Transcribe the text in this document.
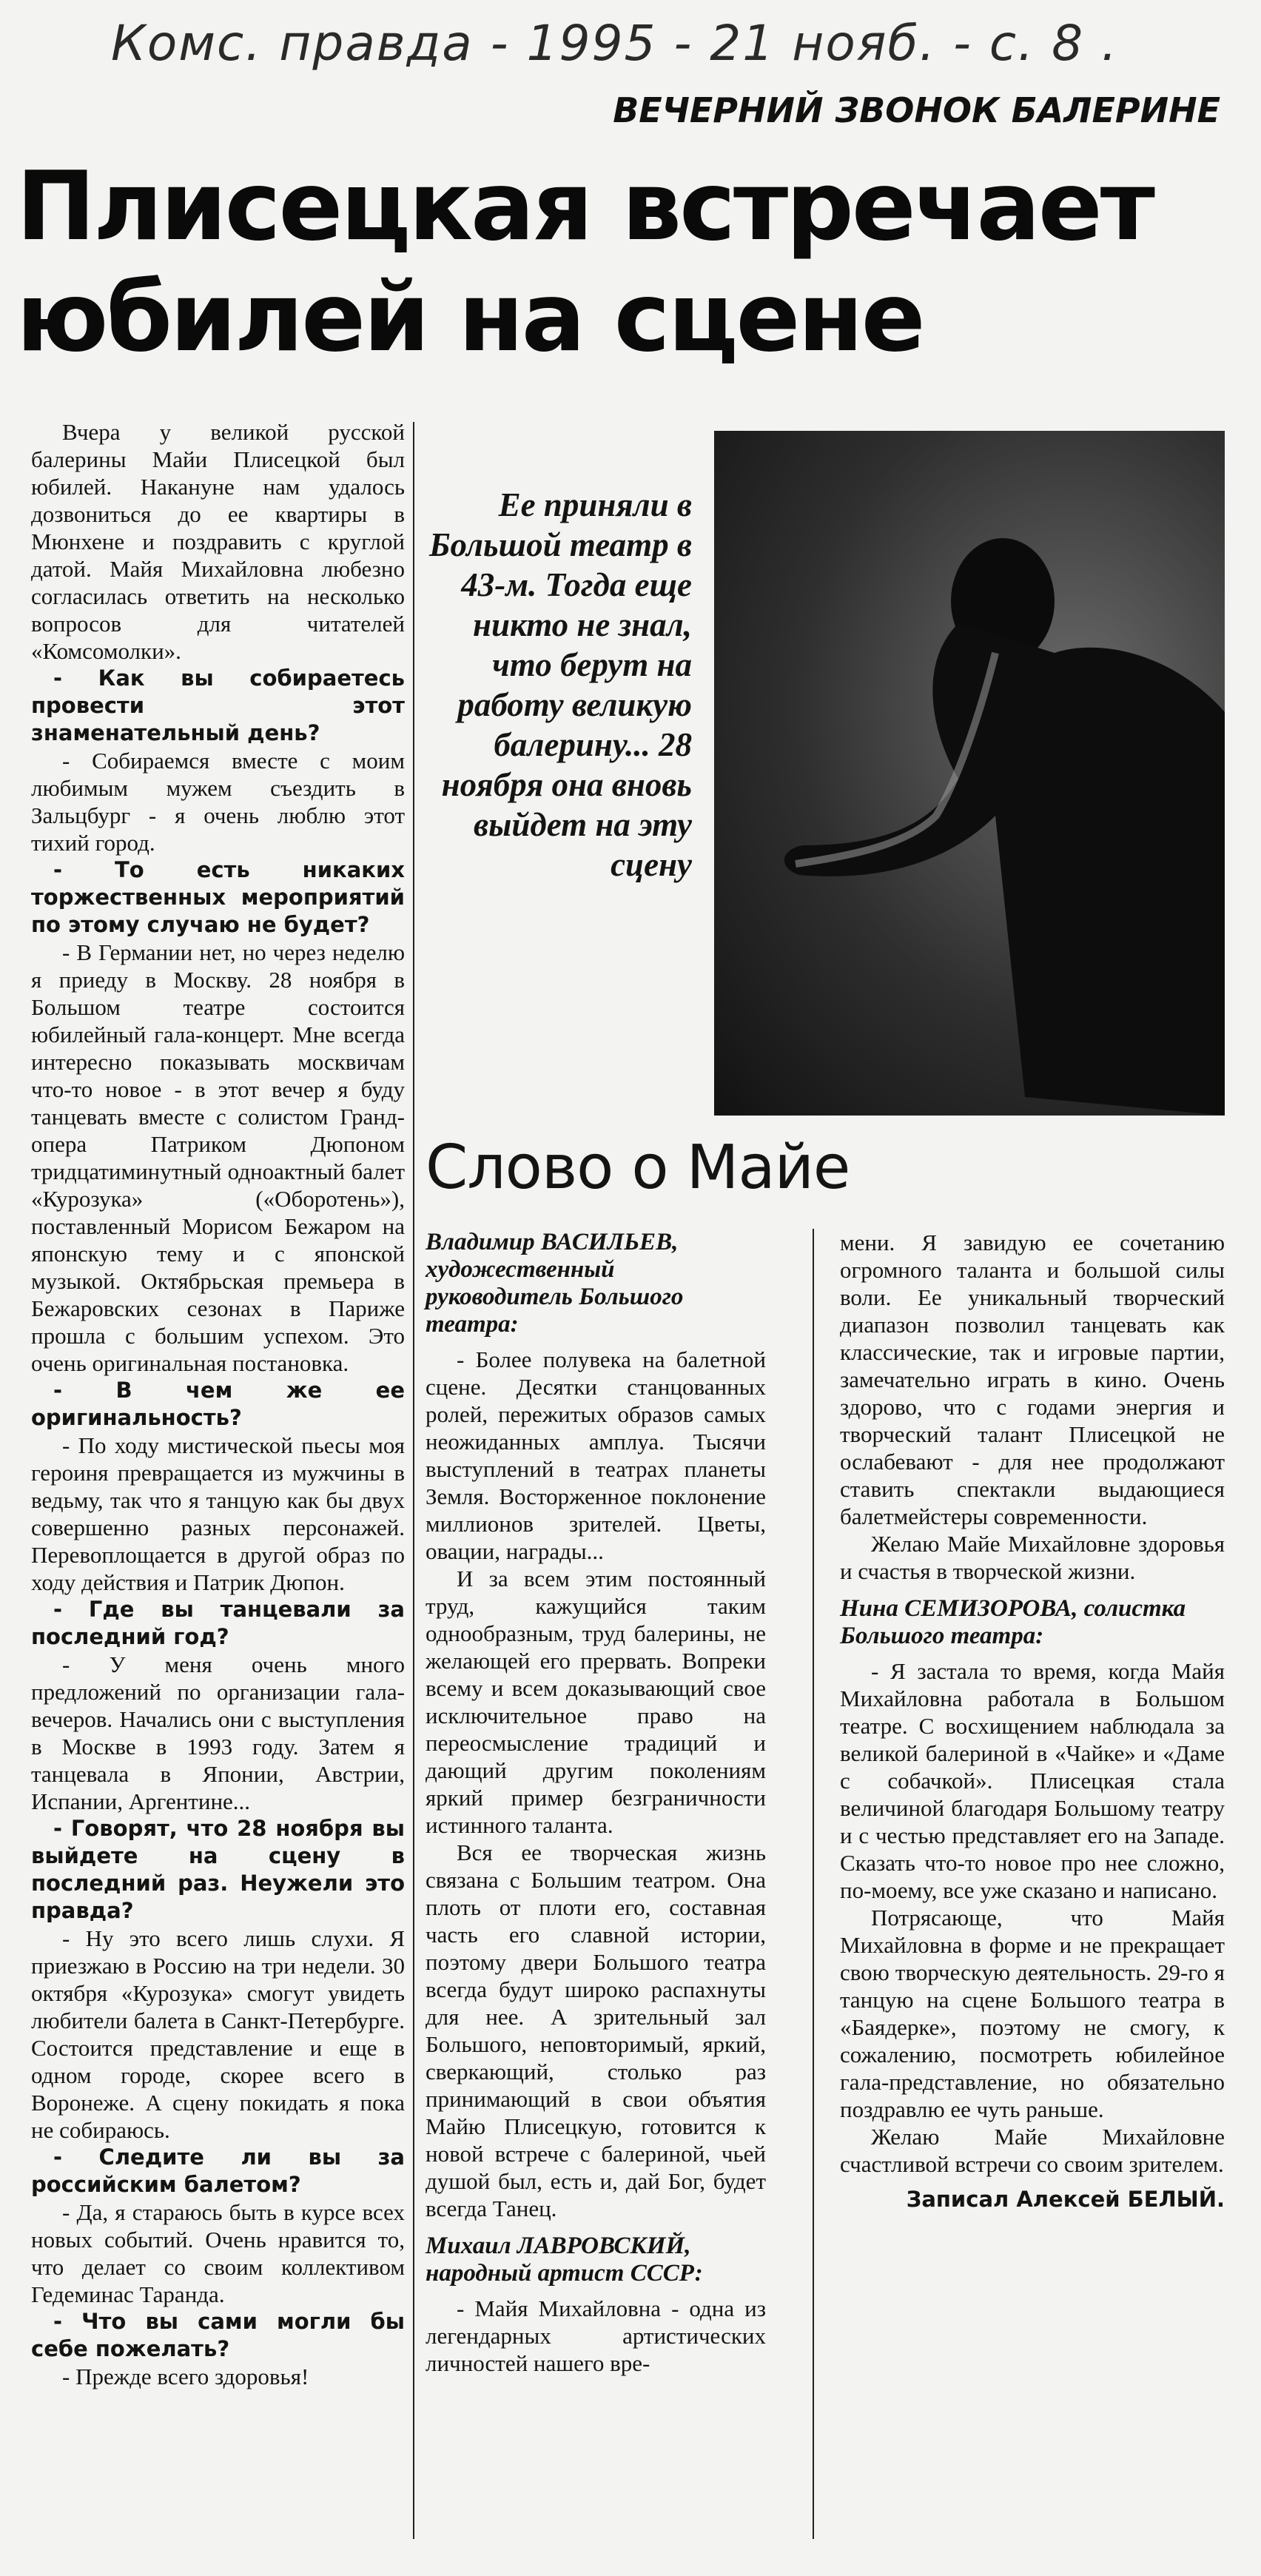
Комс. правда - 1995 - 21 нояб. - с. 8 .
ВЕЧЕРНИЙ ЗВОНОК БАЛЕРИНЕ
Плисецкая встречает юбилей на сцене

Вчера у великой русской балерины Майи Плисецкой был юбилей. Накануне нам удалось дозвониться до ее квартиры в Мюнхене и поздравить с круглой датой. Майя Михайловна любезно согласилась ответить на несколько вопросов для читателей «Комсомолки».

- Как вы собираетесь провести этот знаменательный день?

- Собираемся вместе с моим любимым мужем съездить в Зальцбург - я очень люблю этот тихий город.

- То есть никаких торжественных мероприятий по этому случаю не будет?

- В Германии нет, но через неделю я приеду в Москву. 28 ноября в Большом театре состоится юбилейный гала-концерт. Мне всегда интересно показывать москвичам что-то новое - в этот вечер я буду танцевать вместе с солистом Гранд-опера Патриком Дюпоном тридцатиминутный одноактный балет «Курозука» («Оборотень»), поставленный Морисом Бежаром на японскую тему и с японской музыкой. Октябрьская премьера в Бежаровских сезонах в Париже прошла с большим успехом. Это очень оригинальная постановка.

- В чем же ее оригинальность?

- По ходу мистической пьесы моя героиня превращается из мужчины в ведьму, так что я танцую как бы двух совершенно разных персонажей. Перевоплощается в другой образ по ходу действия и Патрик Дюпон.

- Где вы танцевали за последний год?

- У меня очень много предложений по организации гала-вечеров. Начались они с выступления в Москве в 1993 году. Затем я танцевала в Японии, Австрии, Испании, Аргентине...

- Говорят, что 28 ноября вы выйдете на сцену в последний раз. Неужели это правда?

- Ну это всего лишь слухи. Я приезжаю в Россию на три недели. 30 октября «Курозука» смогут увидеть любители балета в Санкт-Петербурге. Состоится представление и еще в одном городе, скорее всего в Воронеже. А сцену покидать я пока не собираюсь.

- Следите ли вы за российским балетом?

- Да, я стараюсь быть в курсе всех новых событий. Очень нравится то, что делает со своим коллективом Гедеминас Таранда.

- Что вы сами могли бы себе пожелать?

- Прежде всего здоровья!

Ее приняли в Большой театр в 43-м. Тогда еще никто не знал, что берут на работу великую балерину... 28 ноября она вновь выйдет на эту сцену
Слово о Майе

Владимир ВАСИЛЬЕВ, художественный руководитель Большого театра:

- Более полувека на балетной сцене. Десятки станцованных ролей, пережитых образов самых неожиданных амплуа. Тысячи выступлений в театрах планеты Земля. Восторженное поклонение миллионов зрителей. Цветы, овации, награды...

И за всем этим постоянный труд, кажущийся таким однообразным, труд балерины, не желающей его прервать. Вопреки всему и всем доказывающий свое исключительное право на переосмысление традиций и дающий другим поколениям яркий пример безграничности истинного таланта.

Вся ее творческая жизнь связана с Большим театром. Она плоть от плоти его, составная часть его славной истории, поэтому двери Большого театра всегда будут широко распахнуты для нее. А зрительный зал Большого, неповторимый, яркий, сверкающий, столько раз принимающий в свои объятия Майю Плисецкую, готовится к новой встрече с балериной, чьей душой был, есть и, дай Бог, будет всегда Танец.

Михаил ЛАВРОВСКИЙ, народный артист СССР:

- Майя Михайловна - одна из легендарных артистических личностей нашего вре-

мени. Я завидую ее сочетанию огромного таланта и большой силы воли. Ее уникальный творческий диапазон позволил танцевать как классические, так и игровые партии, замечательно играть в кино. Очень здорово, что с годами энергия и творческий талант Плисецкой не ослабевают - для нее продолжают ставить спектакли выдающиеся балетмейстеры современности.

Желаю Майе Михайловне здоровья и счастья в творческой жизни.

Нина СЕМИЗОРОВА, солистка Большого театра:

- Я застала то время, когда Майя Михайловна работала в Большом театре. С восхищением наблюдала за великой балериной в «Чайке» и «Даме с собачкой». Плисецкая стала величиной благодаря Большому театру и с честью представляет его на Западе. Сказать что-то новое про нее сложно, по-моему, все уже сказано и написано.

Потрясающе, что Майя Михайловна в форме и не прекращает свою творческую деятельность. 29-го я танцую на сцене Большого театра в «Баядерке», поэтому не смогу, к сожалению, посмотреть юбилейное гала-представление, но обязательно поздравлю ее чуть раньше.

Желаю Майе Михайловне счастливой встречи со своим зрителем.

Записал Алексей БЕЛЫЙ.
